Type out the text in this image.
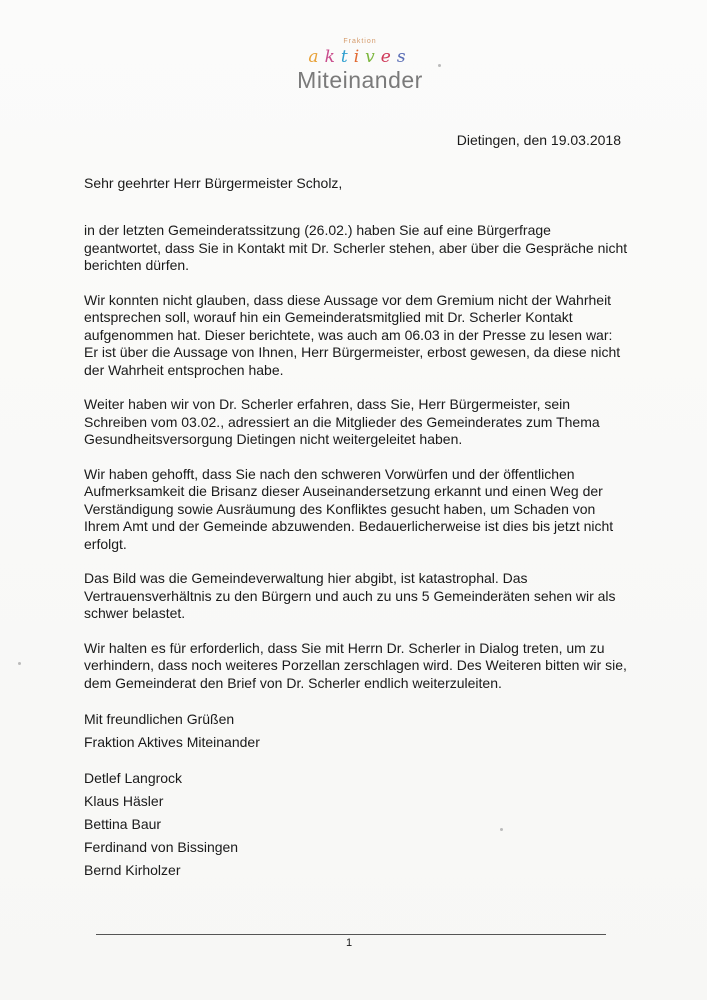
Fraktion
aktives
Miteinander
Dietingen, den 19.03.2018
Sehr geehrter Herr Bürgermeister Scholz,

in der letzten Gemeinderatssitzung (26.02.) haben Sie auf eine Bürgerfrage geantwortet, dass Sie in Kontakt mit Dr. Scherler stehen, aber über die Gespräche nicht berichten dürfen.

Wir konnten nicht glauben, dass diese Aussage vor dem Gremium nicht der Wahrheit entsprechen soll, worauf hin ein Gemeinderatsmitglied mit Dr. Scherler Kontakt aufgenommen hat. Dieser berichtete, was auch am 06.03 in der Presse zu lesen war: Er ist über die Aussage von Ihnen, Herr Bürgermeister, erbost gewesen, da diese nicht der Wahrheit entsprochen habe.

Weiter haben wir von Dr. Scherler erfahren, dass Sie, Herr Bürgermeister, sein Schreiben vom 03.02., adressiert an die Mitglieder des Gemeinderates zum Thema Gesundheitsversorgung Dietingen nicht weitergeleitet haben.

Wir haben gehofft, dass Sie nach den schweren Vorwürfen und der öffentlichen Aufmerksamkeit die Brisanz dieser Auseinandersetzung erkannt und einen Weg der Verständigung sowie Ausräumung des Konfliktes gesucht haben, um Schaden von Ihrem Amt und der Gemeinde abzuwenden. Bedauerlicherweise ist dies bis jetzt nicht erfolgt.

Das Bild was die Gemeindeverwaltung hier abgibt, ist katastrophal. Das Vertrauensverhältnis zu den Bürgern und auch zu uns 5 Gemeinderäten sehen wir als schwer belastet.

Wir halten es für erforderlich, dass Sie mit Herrn Dr. Scherler in Dialog treten, um zu verhindern, dass noch weiteres Porzellan zerschlagen wird. Des Weiteren bitten wir sie, dem Gemeinderat den Brief von Dr. Scherler endlich weiterzuleiten.

Mit freundlichen Grüßen
Fraktion Aktives Miteinander
Detlef Langrock
Klaus Häsler
Bettina Baur
Ferdinand von Bissingen
Bernd Kirholzer
1
